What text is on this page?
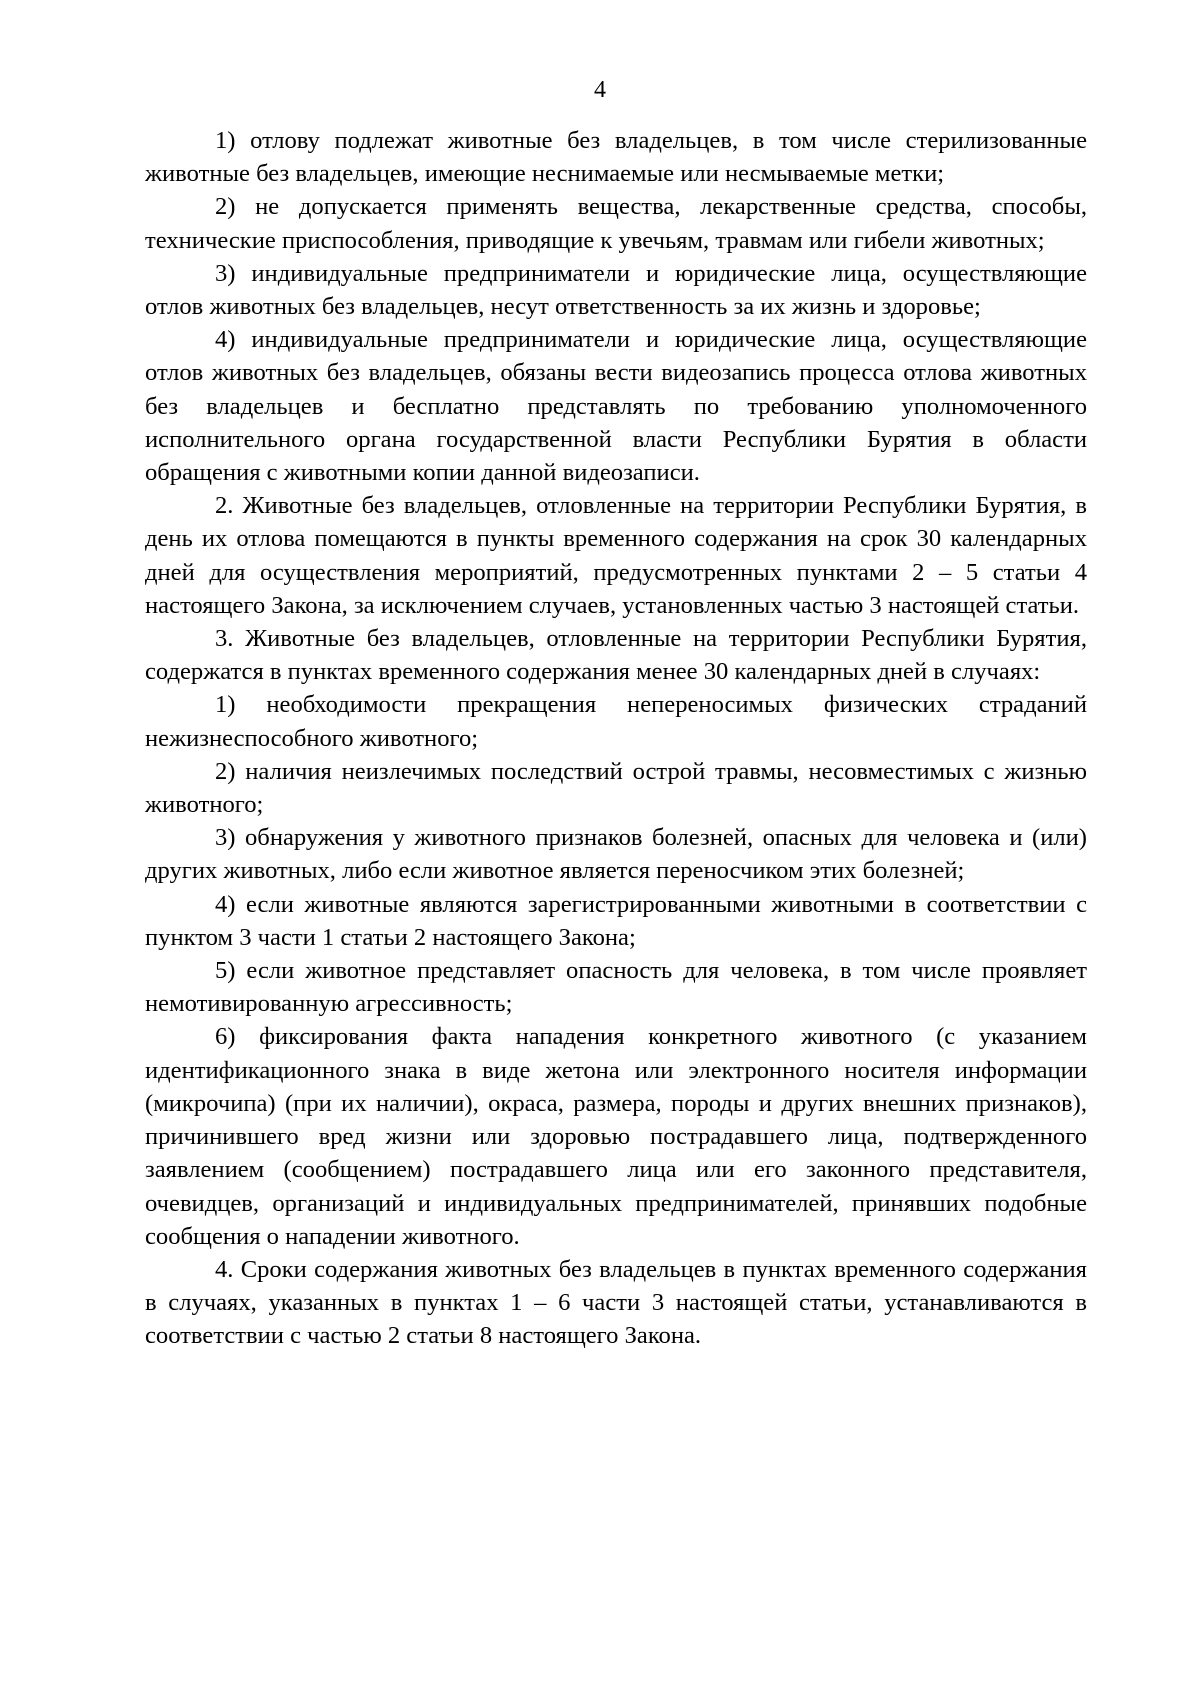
4

1) отлову подлежат животные без владельцев, в том числе стерилизованные животные без владельцев, имеющие неснимаемые или несмываемые метки;

2) не допускается применять вещества, лекарственные средства, способы, технические приспособления, приводящие к увечьям, травмам или гибели животных;

3) индивидуальные предприниматели и юридические лица, осуществляющие отлов животных без владельцев, несут ответственность за их жизнь и здоровье;

4) индивидуальные предприниматели и юридические лица, осуществляющие отлов животных без владельцев, обязаны вести видеозапись процесса отлова животных без владельцев и бесплатно представлять по требованию уполномоченного исполнительного органа государственной власти Республики Бурятия в области обращения с животными копии данной видеозаписи.

2. Животные без владельцев, отловленные на территории Республики Бурятия, в день их отлова помещаются в пункты временного содержания на срок 30 календарных дней для осуществления мероприятий, предусмотренных пунктами 2 – 5 статьи 4 настоящего Закона, за исключением случаев, установленных частью 3 настоящей статьи.

3. Животные без владельцев, отловленные на территории Республики Бурятия, содержатся в пунктах временного содержания менее 30 календарных дней в случаях:

1) необходимости прекращения непереносимых физических страданий нежизнеспособного животного;

2) наличия неизлечимых последствий острой травмы, несовместимых с жизнью животного;

3) обнаружения у животного признаков болезней, опасных для человека и (или) других животных, либо если животное является переносчиком этих болезней;

4) если животные являются зарегистрированными животными в соответствии с пунктом 3 части 1 статьи 2 настоящего Закона;

5) если животное представляет опасность для человека, в том числе проявляет немотивированную агрессивность;

6) фиксирования факта нападения конкретного животного (с указанием идентификационного знака в виде жетона или электронного носителя информации (микрочипа) (при их наличии), окраса, размера, породы и других внешних признаков), причинившего вред жизни или здоровью пострадавшего лица, подтвержденного заявлением (сообщением) пострадавшего лица или его законного представителя, очевидцев, организаций и индивидуальных предпринимателей, принявших подобные сообщения о нападении животного.

4. Сроки содержания животных без владельцев в пунктах временного содержания в случаях, указанных в пунктах 1 – 6 части 3 настоящей статьи, устанавливаются в соответствии с частью 2 статьи 8 настоящего Закона.
